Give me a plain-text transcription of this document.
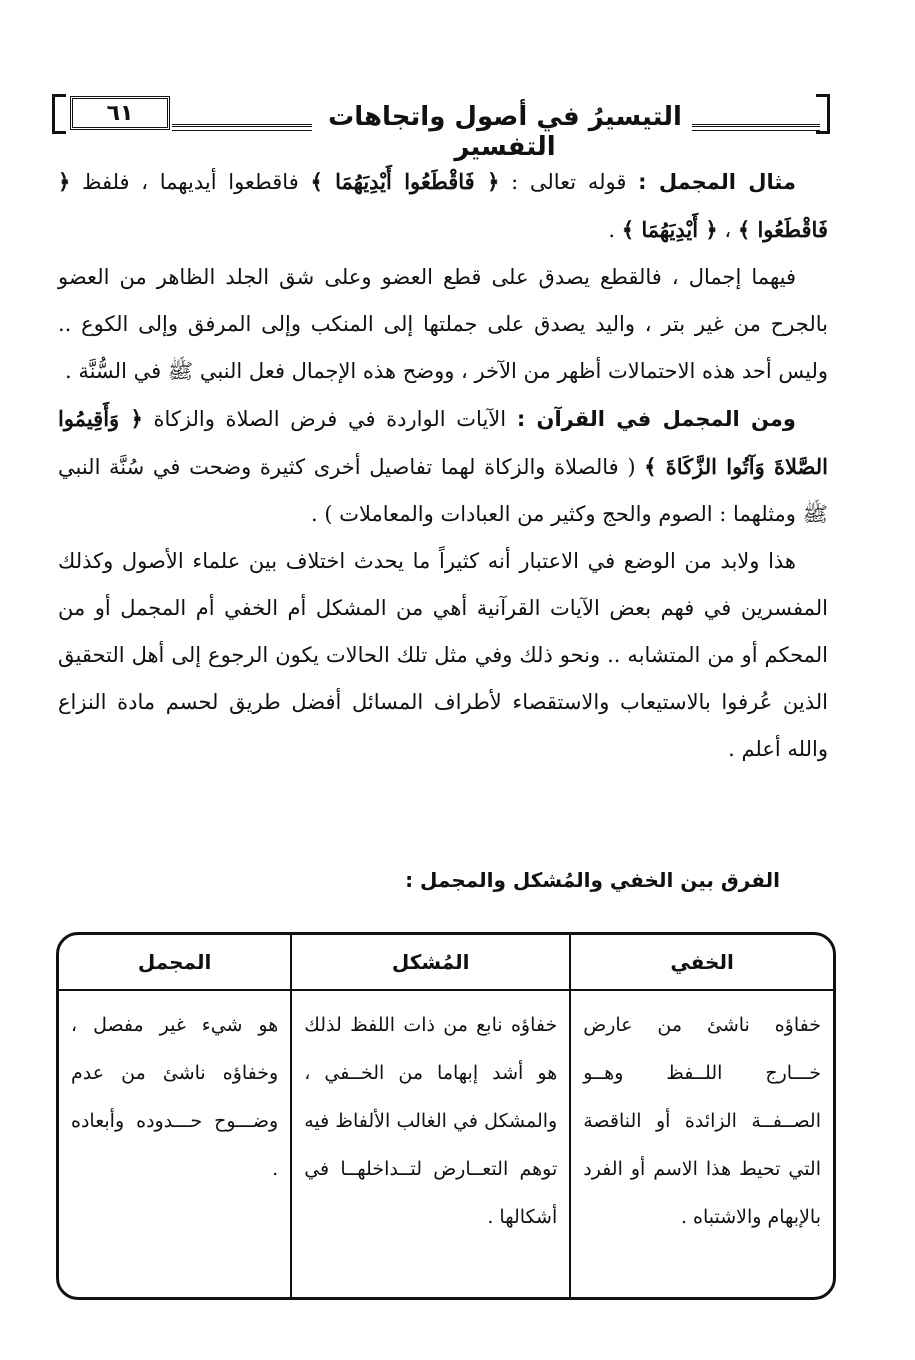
٦١	التيسيرُ في أصول واتجاهات التفسير

مثال المجمل : قوله تعالى : ﴿ فَاقْطَعُوا أَيْدِيَهُمَا ﴾ فاقطعوا أيديهما ، فلفظ ﴿ فَاقْطَعُوا ﴾ ، ﴿ أَيْدِيَهُمَا ﴾ .

فيهما إجمال ، فالقطع يصدق على قطع العضو وعلى شق الجلد الظاهر من العضو بالجرح من غير بتر ، واليد يصدق على جملتها إلى المنكب وإلى المرفق وإلى الكوع .. وليس أحد هذه الاحتمالات أظهر من الآخر ، ووضح هذه الإجمال فعل النبي ﷺ في السُّنَّة .

ومن المجمل في القرآن : الآيات الواردة في فرض الصلاة والزكاة ﴿ وَأَقِيمُوا الصَّلاةَ وَآتُوا الزَّكَاةَ ﴾ ( فالصلاة والزكاة لهما تفاصيل أخرى كثيرة وضحت في سُنَّة النبي ﷺ ومثلهما : الصوم والحج وكثير من العبادات والمعاملات ) .

هذا ولابد من الوضع في الاعتبار أنه كثيراً ما يحدث اختلاف بين علماء الأصول وكذلك المفسرين في فهم بعض الآيات القرآنية أهي من المشكل أم الخفي أم المجمل أو من المحكم أو من المتشابه .. ونحو ذلك وفي مثل تلك الحالات يكون الرجوع إلى أهل التحقيق الذين عُرفوا بالاستيعاب والاستقصاء لأطراف المسائل أفضل طريق لحسم مادة النزاع والله أعلم .

الفرق بين الخفي والمُشكل والمجمل :
الخفي	المُشكل	المجمل
خفاؤه ناشئ من عارض خـــارج اللــفظ وهــو الصــفــة الزائدة أو الناقصة التي تحيط هذا الاسم أو الفرد بالإبهام والاشتباه .	خفاؤه نابع من ذات اللفظ لذلك هو أشد إبهاما من الخــفي ، والمشكل في الغالب الألفاظ فيه توهم التعــارض لتــداخلهــا في أشكالها .	هو شيء غير مفصل ، وخفاؤه ناشئ من عدم وضـــوح حـــدوده وأبعاده .
